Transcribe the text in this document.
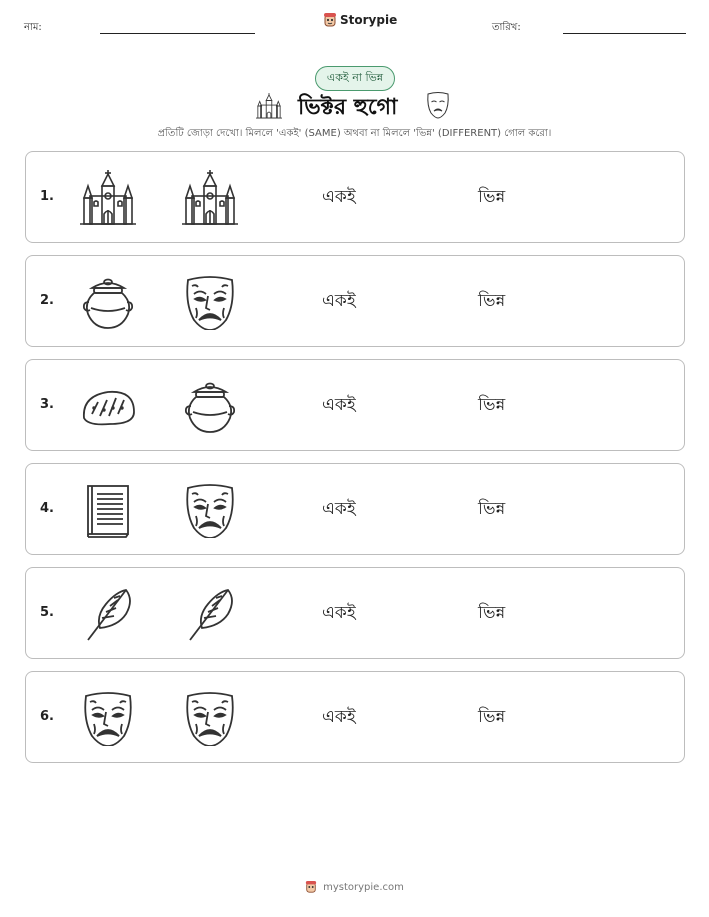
নাম:
Storypie
তারিখ:
একই না ভিন্ন
ভিক্টর হুগো
প্রতিটি জোড়া দেখো। মিললে 'একই' (SAME) অথবা না মিললে 'ভিন্ন' (DIFFERENT) গোল করো।
1.	একই	ভিন্ন
2.	একই	ভিন্ন
3.	একই	ভিন্ন
4.	একই	ভিন্ন
5.	একই	ভিন্ন
6.	একই	ভিন্ন
mystorypie.com
